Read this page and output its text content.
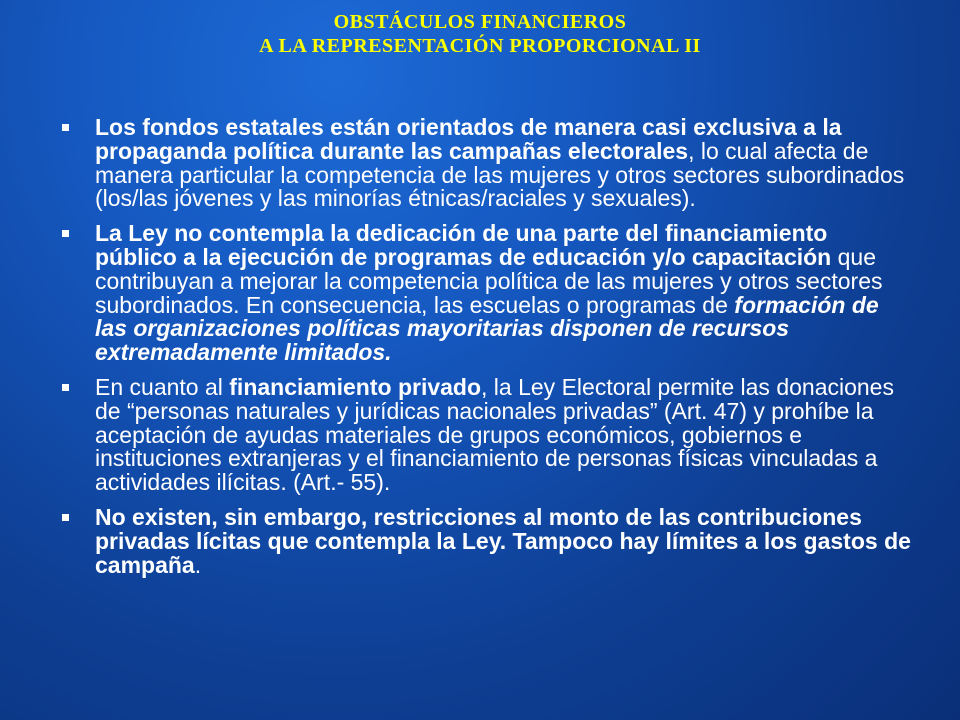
OBSTÁCULOS FINANCIEROS
A LA REPRESENTACIÓN PROPORCIONAL II
Los fondos estatales están orientados de manera casi exclusiva a la propaganda política durante las campañas electorales, lo cual afecta de manera particular la competencia de las mujeres y otros sectores subordinados (los/las jóvenes y las minorías étnicas/raciales y sexuales).
La Ley no contempla la dedicación de una parte del financiamiento público a la ejecución de programas de educación y/o capacitación que contribuyan a mejorar la competencia política de las mujeres y otros sectores subordinados. En consecuencia, las escuelas o programas de formación de las organizaciones políticas mayoritarias disponen de recursos extremadamente limitados.
En cuanto al financiamiento privado, la Ley Electoral permite las donaciones de “personas naturales y jurídicas nacionales privadas” (Art. 47) y prohíbe la aceptación de ayudas materiales de grupos económicos, gobiernos e instituciones extranjeras y el financiamiento de personas físicas vinculadas a actividades ilícitas. (Art.- 55).
No existen, sin embargo, restricciones al monto de las contribuciones privadas lícitas que contempla la Ley. Tampoco hay límites a los gastos de campaña.
